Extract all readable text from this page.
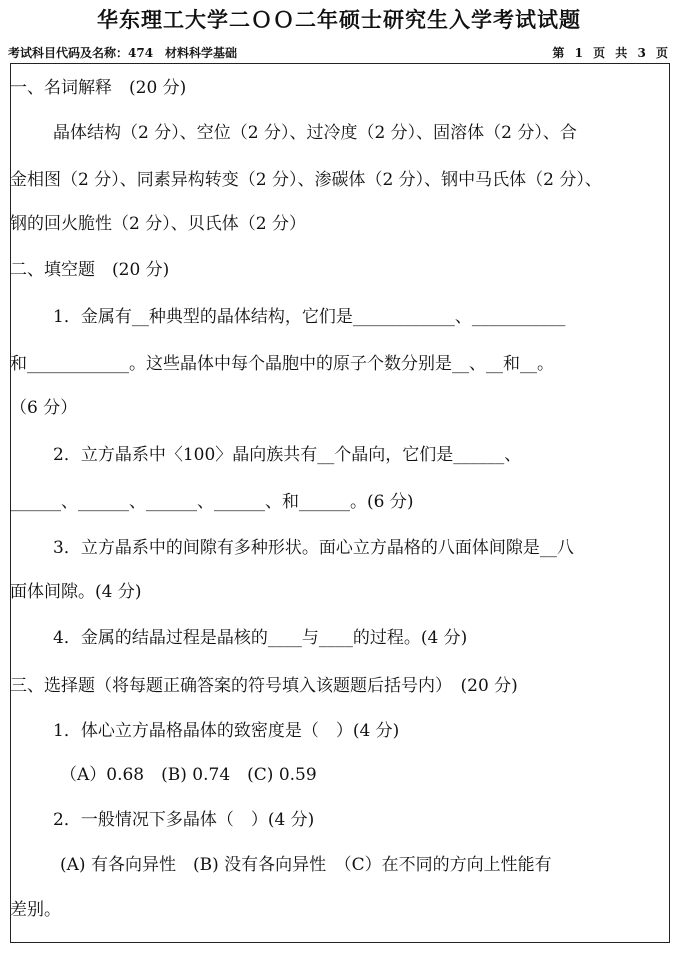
华东理工大学二ＯＯ二年硕士研究生入学考试试题
考试科目代码及名称：474　材料科学基础	第 1 页 共 3 页
一、名词解释　(20 分)
晶体结构（2 分）、空位（2 分）、过冷度（2 分）、固溶体（2 分）、合
金相图（2 分）、同素异构转变（2 分）、渗碳体（2 分）、钢中马氏体（2 分）、
钢的回火脆性（2 分）、贝氏体（2 分）
二、填空题　(20 分)
1．金属有__种典型的晶体结构，它们是____________、___________
和____________。这些晶体中每个晶胞中的原子个数分别是__、__和__。
（6 分）
2．立方晶系中〈100〉晶向族共有__个晶向，它们是______、
______、______、______、______、和______。(6 分)
3．立方晶系中的间隙有多种形状。面心立方晶格的八面体间隙是__八
面体间隙。(4 分)
4．金属的结晶过程是晶核的____与____的过程。(4 分)
三、选择题（将每题正确答案的符号填入该题题后括号内）　(20 分)
1．体心立方晶格晶体的致密度是（　）(4 分)
（A）0.68　(B) 0.74　(C) 0.59
2．一般情况下多晶体（　）(4 分)
(A) 有各向异性　(B) 没有各向异性　（C）在不同的方向上性能有
差别。
